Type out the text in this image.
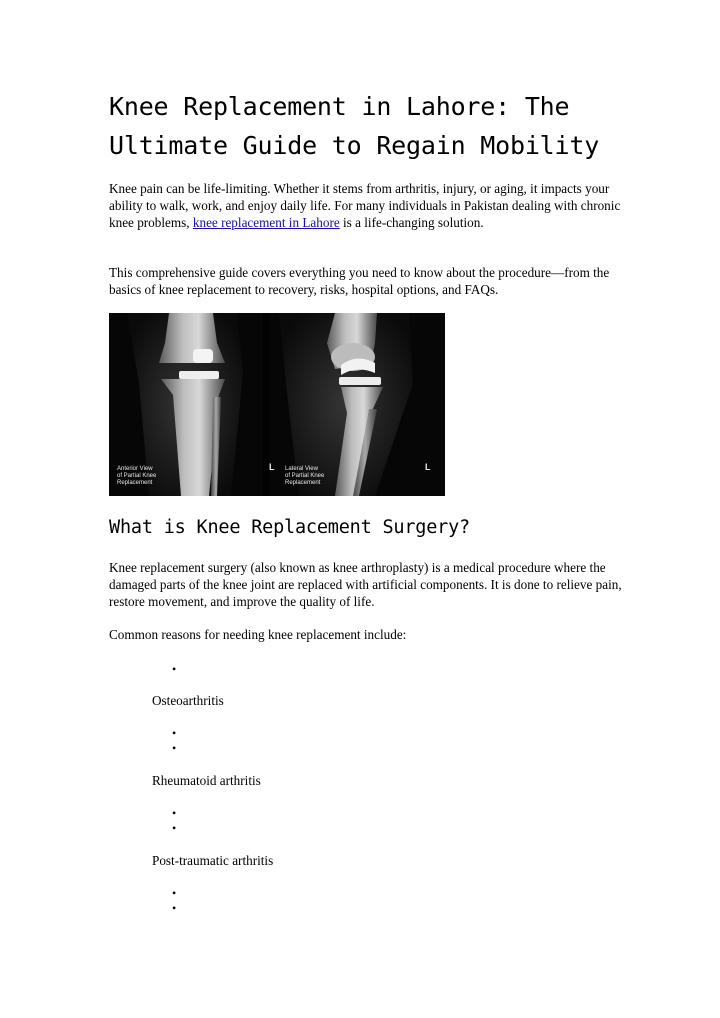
Knee Replacement in Lahore: The
Ultimate Guide to Regain Mobility

Knee pain can be life-limiting. Whether it stems from arthritis, injury, or aging, it impacts your ability to walk, work, and enjoy daily life. For many individuals in Pakistan dealing with chronic knee problems, knee replacement in Lahore is a life-changing solution.

This comprehensive guide covers everything you need to know about the procedure—from the basics of knee replacement to recovery, risks, hospital options, and FAQs.

Anterior View
of Partial Knee
Replacement
Lateral View
of Partial Knee
Replacement
L	L
What is Knee Replacement Surgery?

Knee replacement surgery (also known as knee arthroplasty) is a medical procedure where the damaged parts of the knee joint are replaced with artificial components. It is done to relieve pain, restore movement, and improve the quality of life.

Common reasons for needing knee replacement include:

•
Osteoarthritis
•
•
Rheumatoid arthritis
•
•
Post-traumatic arthritis
•
•
